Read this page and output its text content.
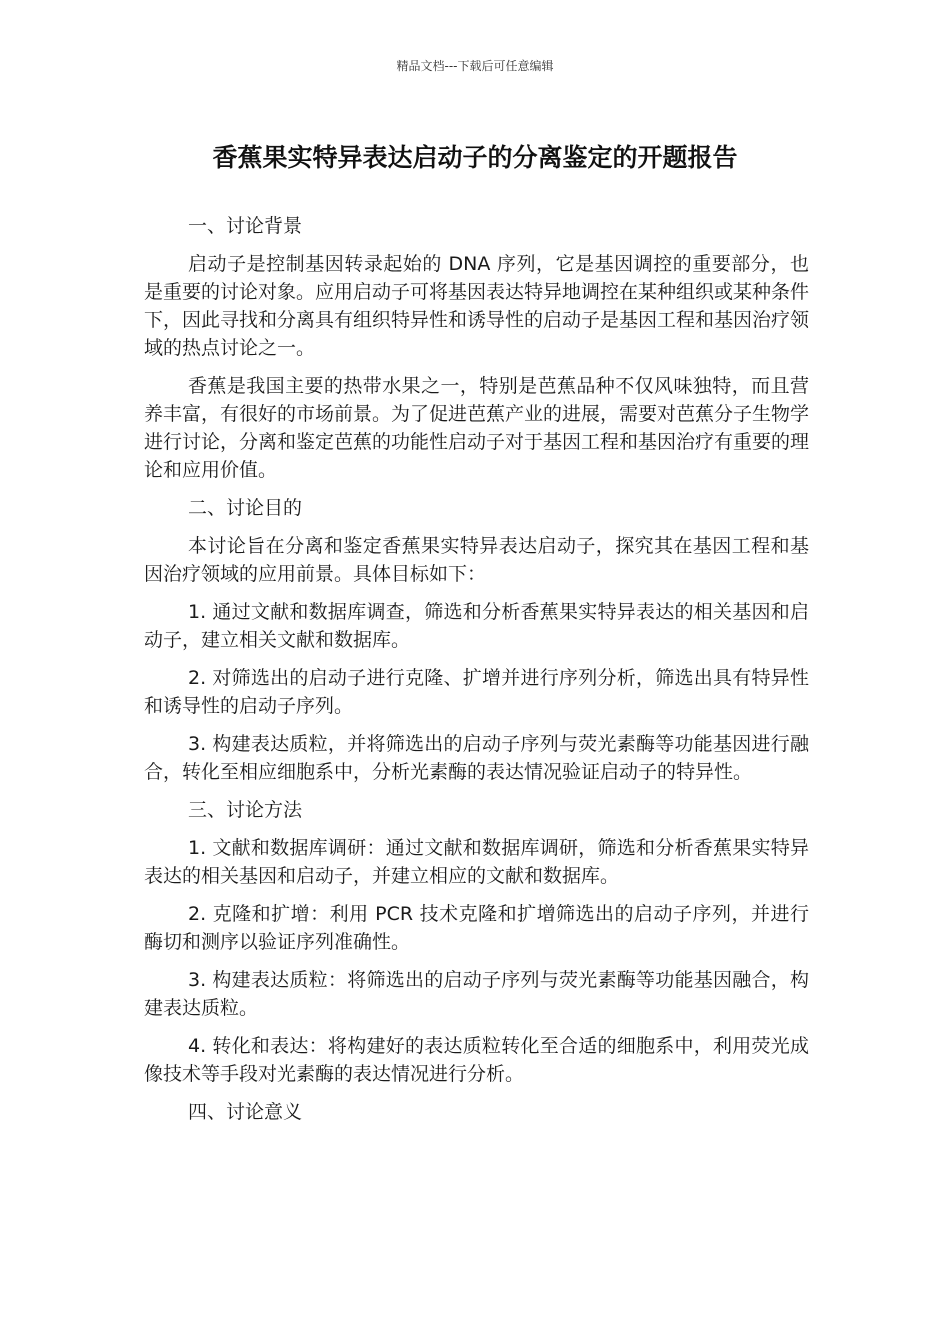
精品文档---下载后可任意编辑
香蕉果实特异表达启动子的分离鉴定的开题报告

一、讨论背景

启动子是控制基因转录起始的 DNA 序列，它是基因调控的重要部分，也是重要的讨论对象。应用启动子可将基因表达特异地调控在某种组织或某种条件下，因此寻找和分离具有组织特异性和诱导性的启动子是基因工程和基因治疗领域的热点讨论之一。

香蕉是我国主要的热带水果之一，特别是芭蕉品种不仅风味独特，而且营养丰富，有很好的市场前景。为了促进芭蕉产业的进展，需要对芭蕉分子生物学进行讨论，分离和鉴定芭蕉的功能性启动子对于基因工程和基因治疗有重要的理论和应用价值。

二、讨论目的

本讨论旨在分离和鉴定香蕉果实特异表达启动子，探究其在基因工程和基因治疗领域的应用前景。具体目标如下：

1. 通过文献和数据库调查，筛选和分析香蕉果实特异表达的相关基因和启动子，建立相关文献和数据库。

2. 对筛选出的启动子进行克隆、扩增并进行序列分析，筛选出具有特异性和诱导性的启动子序列。

3. 构建表达质粒，并将筛选出的启动子序列与荧光素酶等功能基因进行融合，转化至相应细胞系中，分析光素酶的表达情况验证启动子的特异性。

三、讨论方法

1. 文献和数据库调研：通过文献和数据库调研，筛选和分析香蕉果实特异表达的相关基因和启动子，并建立相应的文献和数据库。

2. 克隆和扩增：利用 PCR 技术克隆和扩增筛选出的启动子序列，并进行酶切和测序以验证序列准确性。

3. 构建表达质粒：将筛选出的启动子序列与荧光素酶等功能基因融合，构建表达质粒。

4. 转化和表达：将构建好的表达质粒转化至合适的细胞系中，利用荧光成像技术等手段对光素酶的表达情况进行分析。

四、讨论意义
